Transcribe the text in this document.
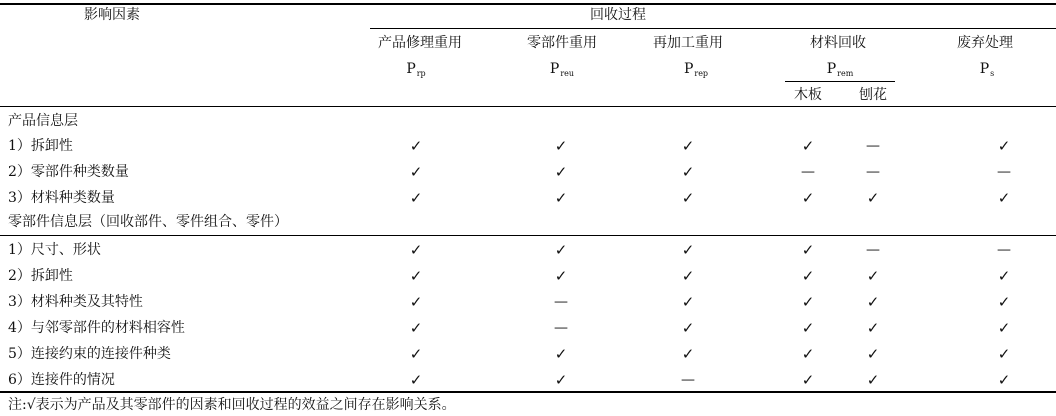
影响因素	回收过程
产品修理重用	零部件重用	再加工重用	材料回收	废弃处理
$P_{rp}$	$P_{reu}$	$P_{rep}$	$P_{rem}$	$P_s$
木板	刨花
产品信息层
1）拆卸性	✓	✓	✓	✓	—	✓
2）零部件种类数量	✓	✓	✓	—	—	—
3）材料种类数量	✓	✓	✓	✓	✓	✓
零部件信息层（回收部件、零件组合、零件）
1）尺寸、形状	✓	✓	✓	✓	—	—
2）拆卸性	✓	✓	✓	✓	✓	✓
3）材料种类及其特性	✓	—	✓	✓	✓	✓
4）与邻零部件的材料相容性	✓	—	✓	✓	✓	✓
5）连接约束的连接件种类	✓	✓	✓	✓	✓	✓
6）连接件的情况	✓	✓	—	✓	✓	✓
注:√表示为产品及其零部件的因素和回收过程的效益之间存在影响关系。
